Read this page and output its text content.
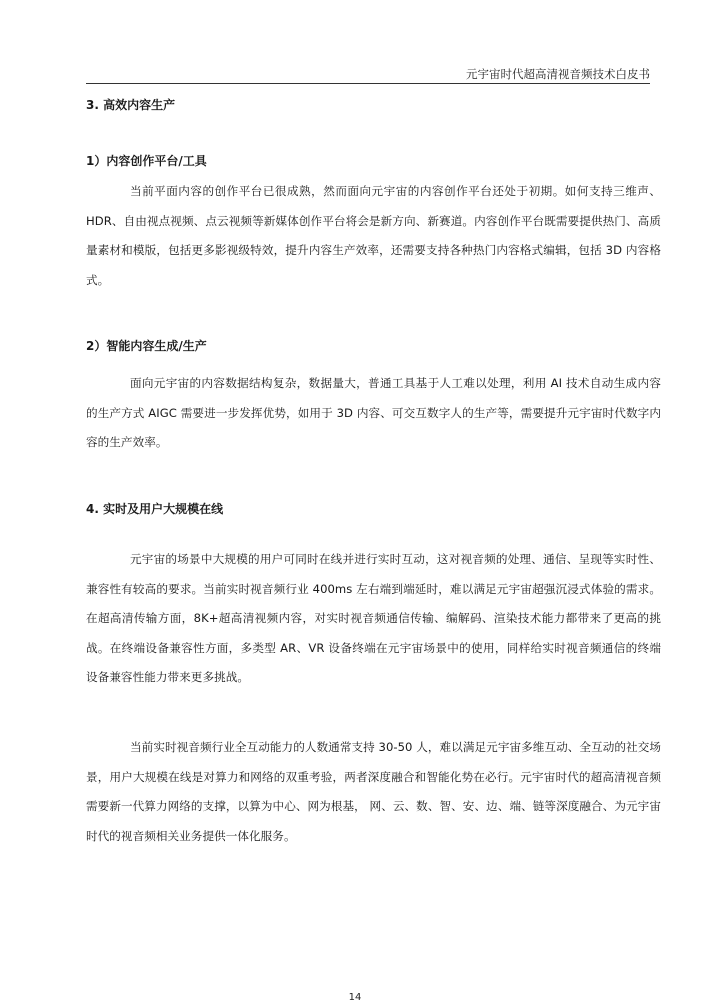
元宇宙时代超高清视音频技术白皮书
3. 高效内容生产
1）内容创作平台/工具
当前平面内容的创作平台已很成熟，然而面向元宇宙的内容创作平台还处于初期。如何支持三维声、HDR、自由视点视频、点云视频等新媒体创作平台将会是新方向、新赛道。内容创作平台既需要提供热门、高质量素材和模版，包括更多影视级特效，提升内容生产效率，还需要支持各种热门内容格式编辑，包括 3D 内容格式。
2）智能内容生成/生产
面向元宇宙的内容数据结构复杂，数据量大，普通工具基于人工难以处理，利用 AI 技术自动生成内容的生产方式 AIGC 需要进一步发挥优势，如用于 3D 内容、可交互数字人的生产等，需要提升元宇宙时代数字内容的生产效率。
4. 实时及用户大规模在线
元宇宙的场景中大规模的用户可同时在线并进行实时互动，这对视音频的处理、通信、呈现等实时性、兼容性有较高的要求。当前实时视音频行业 400ms 左右端到端延时，难以满足元宇宙超强沉浸式体验的需求。在超高清传输方面，8K+超高清视频内容，对实时视音频通信传输、编解码、渲染技术能力都带来了更高的挑战。在终端设备兼容性方面，多类型 AR、VR 设备终端在元宇宙场景中的使用，同样给实时视音频通信的终端设备兼容性能力带来更多挑战。
当前实时视音频行业全互动能力的人数通常支持 30-50 人，难以满足元宇宙多维互动、全互动的社交场景，用户大规模在线是对算力和网络的双重考验，两者深度融合和智能化势在必行。元宇宙时代的超高清视音频需要新一代算力网络的支撑，以算为中心、网为根基， 网、云、数、智、安、边、端、链等深度融合、为元宇宙时代的视音频相关业务提供一体化服务。
14
